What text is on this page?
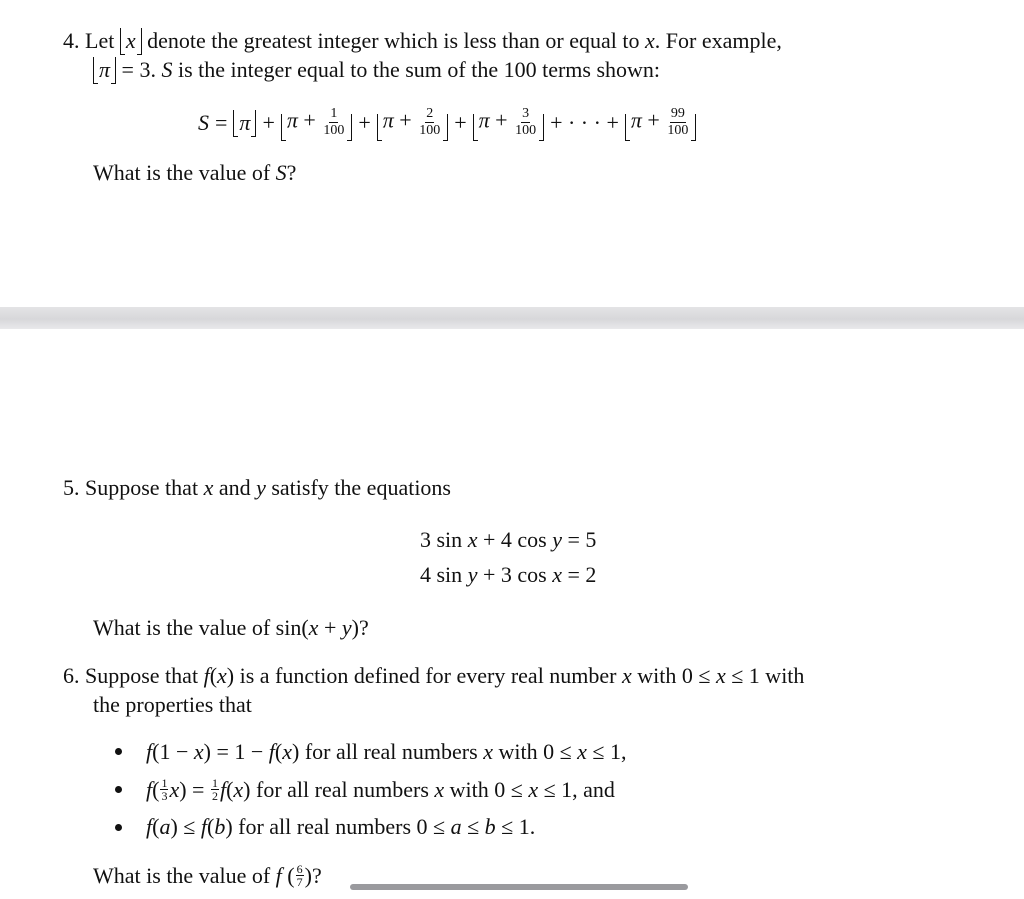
4. Let x denote the greatest integer which is less than or equal to x. For example,
π = 3. S is the integer equal to the sum of the 100 terms shown:
$S = \pi + \pi + \frac{1}{100} + \pi + \frac{2}{100} + \pi + \frac{3}{100}$ + · · · + $\pi + \frac{99}{100}$
What is the value of S?
5. Suppose that x and y satisfy the equations
3 sin x + 4 cos y = 5
4 sin y + 3 cos x = 2
What is the value of sin(x + y)?
6. Suppose that f(x) is a function defined for every real number x with 0 ≤ x ≤ 1 with
the properties that
f(1 − x) = 1 − f(x) for all real numbers x with 0 ≤ x ≤ 1,
f ( $\frac{1}{3}$ x ) = $\frac{1}{2}$ f ( x ) for all real numbers
x
with 0 ≤
x
≤ 1, and
f(a) ≤ f(b) for all real numbers 0 ≤ a ≤ b ≤ 1.
What is the value of
f ( $\frac{6}{7}$ ) ?
